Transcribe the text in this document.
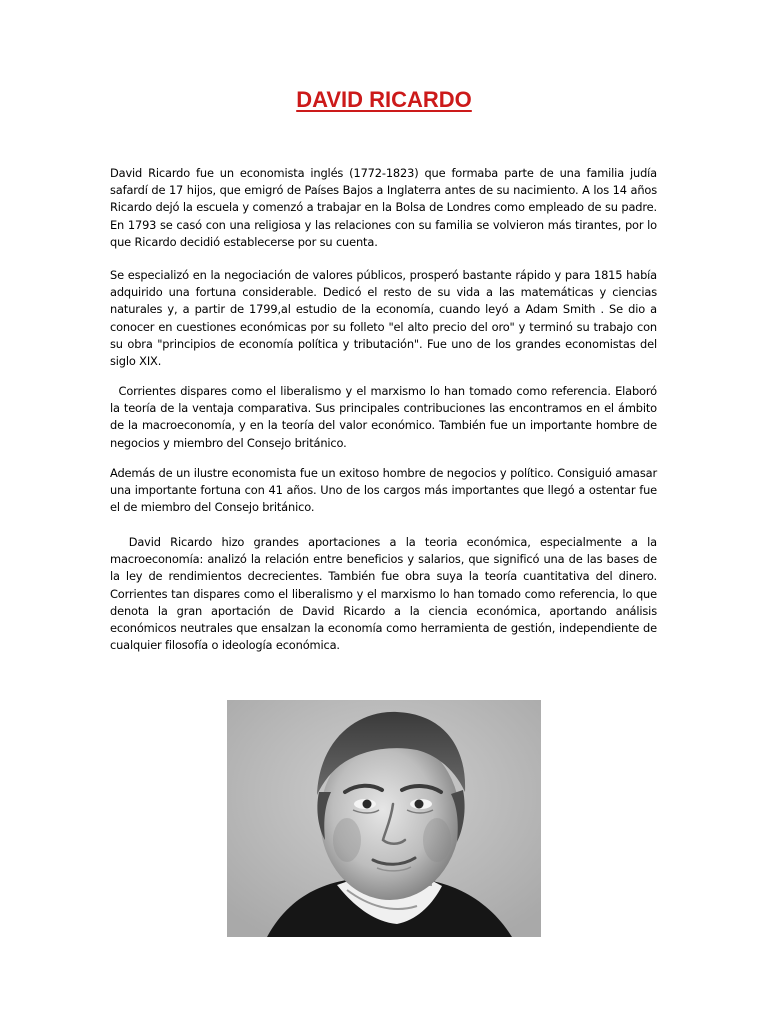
DAVID RICARDO
David Ricardo fue un economista inglés (1772-1823) que formaba parte de una familia judía safardí de 17 hijos, que emigró de Países Bajos a Inglaterra antes de su nacimiento. A los 14 años Ricardo dejó la escuela y comenzó a trabajar en la Bolsa de Londres como empleado de su padre. En 1793 se casó con una religiosa y las relaciones con su familia se volvieron más tirantes, por lo que Ricardo decidió establecerse por su cuenta.
Se especializó en la negociación de valores públicos, prosperó bastante rápido y para 1815 había adquirido una fortuna considerable. Dedicó el resto de su vida a las matemáticas y ciencias naturales y, a partir de 1799,al estudio de la economía, cuando leyó a Adam Smith . Se dio a conocer en cuestiones económicas por su folleto "el alto precio del oro" y terminó su trabajo con su obra "principios de economía política y tributación". Fue uno de los grandes economistas del siglo XIX.
Corrientes dispares como el liberalismo y el marxismo lo han tomado como referencia. Elaboró la teoría de la ventaja comparativa. Sus principales contribuciones las encontramos en el ámbito de la macroeconomía, y en la teoría del valor económico. También fue un importante hombre de negocios y miembro del Consejo británico.
Además de un ilustre economista fue un exitoso hombre de negocios y político. Consiguió amasar una importante fortuna con 41 años. Uno de los cargos más importantes que llegó a ostentar fue el de miembro del Consejo británico.
David Ricardo hizo grandes aportaciones a la teoria económica, especialmente a la macroeconomía: analizó la relación entre beneficios y salarios, que significó una de las bases de la ley de rendimientos decrecientes. También fue obra suya la teoría cuantitativa del dinero. Corrientes tan dispares como el liberalismo y el marxismo lo han tomado como referencia, lo que denota la gran aportación de David Ricardo a la ciencia económica, aportando análisis económicos neutrales que ensalzan la economía como herramienta de gestión, independiente de cualquier filosofía o ideología económica.
